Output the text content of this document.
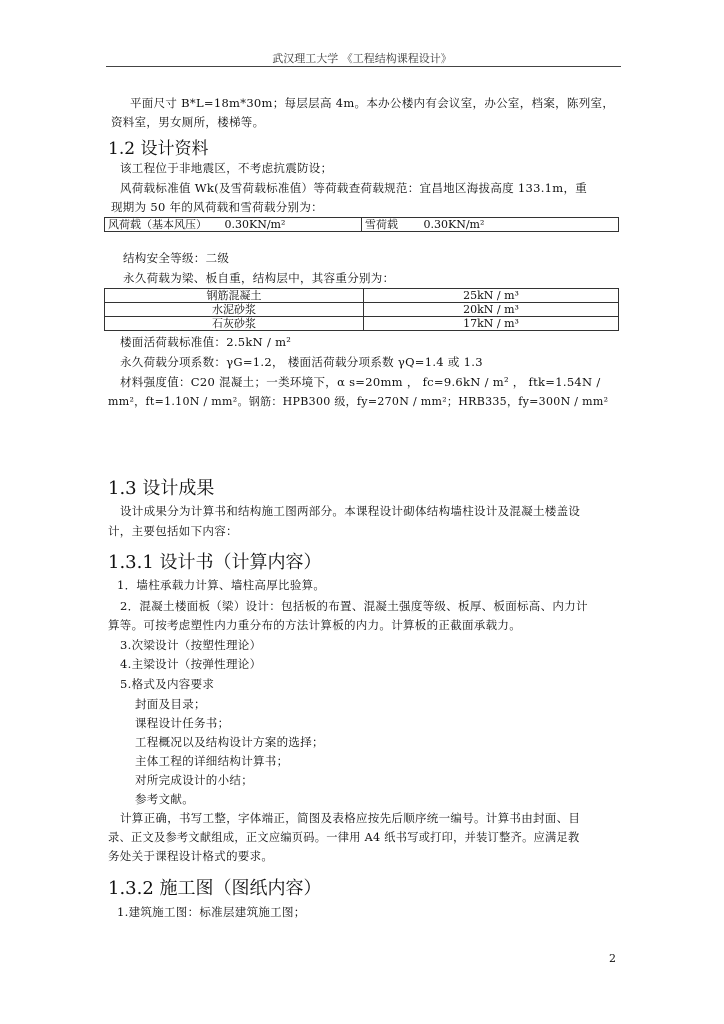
武汉理工大学 《工程结构课程设计》
平面尺寸 B*L=18m*30m；每层层高 4m。本办公楼内有会议室，办公室，档案，陈列室，
资料室，男女厕所，楼梯等。
1.2 设计资料
该工程位于非地震区，不考虑抗震防设；
风荷载标准值 Wk(及雪荷载标准值）等荷载查荷载规范：宜昌地区海拔高度 133.1m，重
现期为 50 年的风荷载和雪荷载分别为：
风荷载（基本风压） 0.30KN/m²	雪荷载 0.30KN/m²
结构安全等级：二级
永久荷载为梁、板自重，结构层中，其容重分别为：
钢筋混凝土	25kN / m³
水泥砂浆	20kN / m³
石灰砂浆	17kN / m³
楼面活荷载标准值：2.5kN / m²
永久荷载分项系数：γG=1.2， 楼面活荷载分项系数 γQ=1.4 或 1.3
材料强度值：C20 混凝土；一类环境下，α s=20mm ， fc=9.6kN / m² ， ftk=1.54N /
mm²，ft=1.10N / mm²。钢筋：HPB300 级，fy=270N / mm²；HRB335，fy=300N / mm²
1.3 设计成果
设计成果分为计算书和结构施工图两部分。本课程设计砌体结构墙柱设计及混凝土楼盖设
计，主要包括如下内容：
1.3.1 设计书（计算内容）
1．墙柱承载力计算、墙柱高厚比验算。
2．混凝土楼面板（梁）设计：包括板的布置、混凝土强度等级、板厚、板面标高、内力计
算等。可按考虑塑性内力重分布的方法计算板的内力。计算板的正截面承载力。
3.次梁设计（按塑性理论）
4.主梁设计（按弹性理论）
5.格式及内容要求
封面及目录；
课程设计任务书；
工程概况以及结构设计方案的选择；
主体工程的详细结构计算书；
对所完成设计的小结；
参考文献。
计算正确，书写工整，字体端正，简图及表格应按先后顺序统一编号。计算书由封面、目
录、正文及参考文献组成，正文应编页码。一律用 A4 纸书写或打印，并装订整齐。应满足教
务处关于课程设计格式的要求。
1.3.2 施工图（图纸内容）
1.建筑施工图：标准层建筑施工图；
2
